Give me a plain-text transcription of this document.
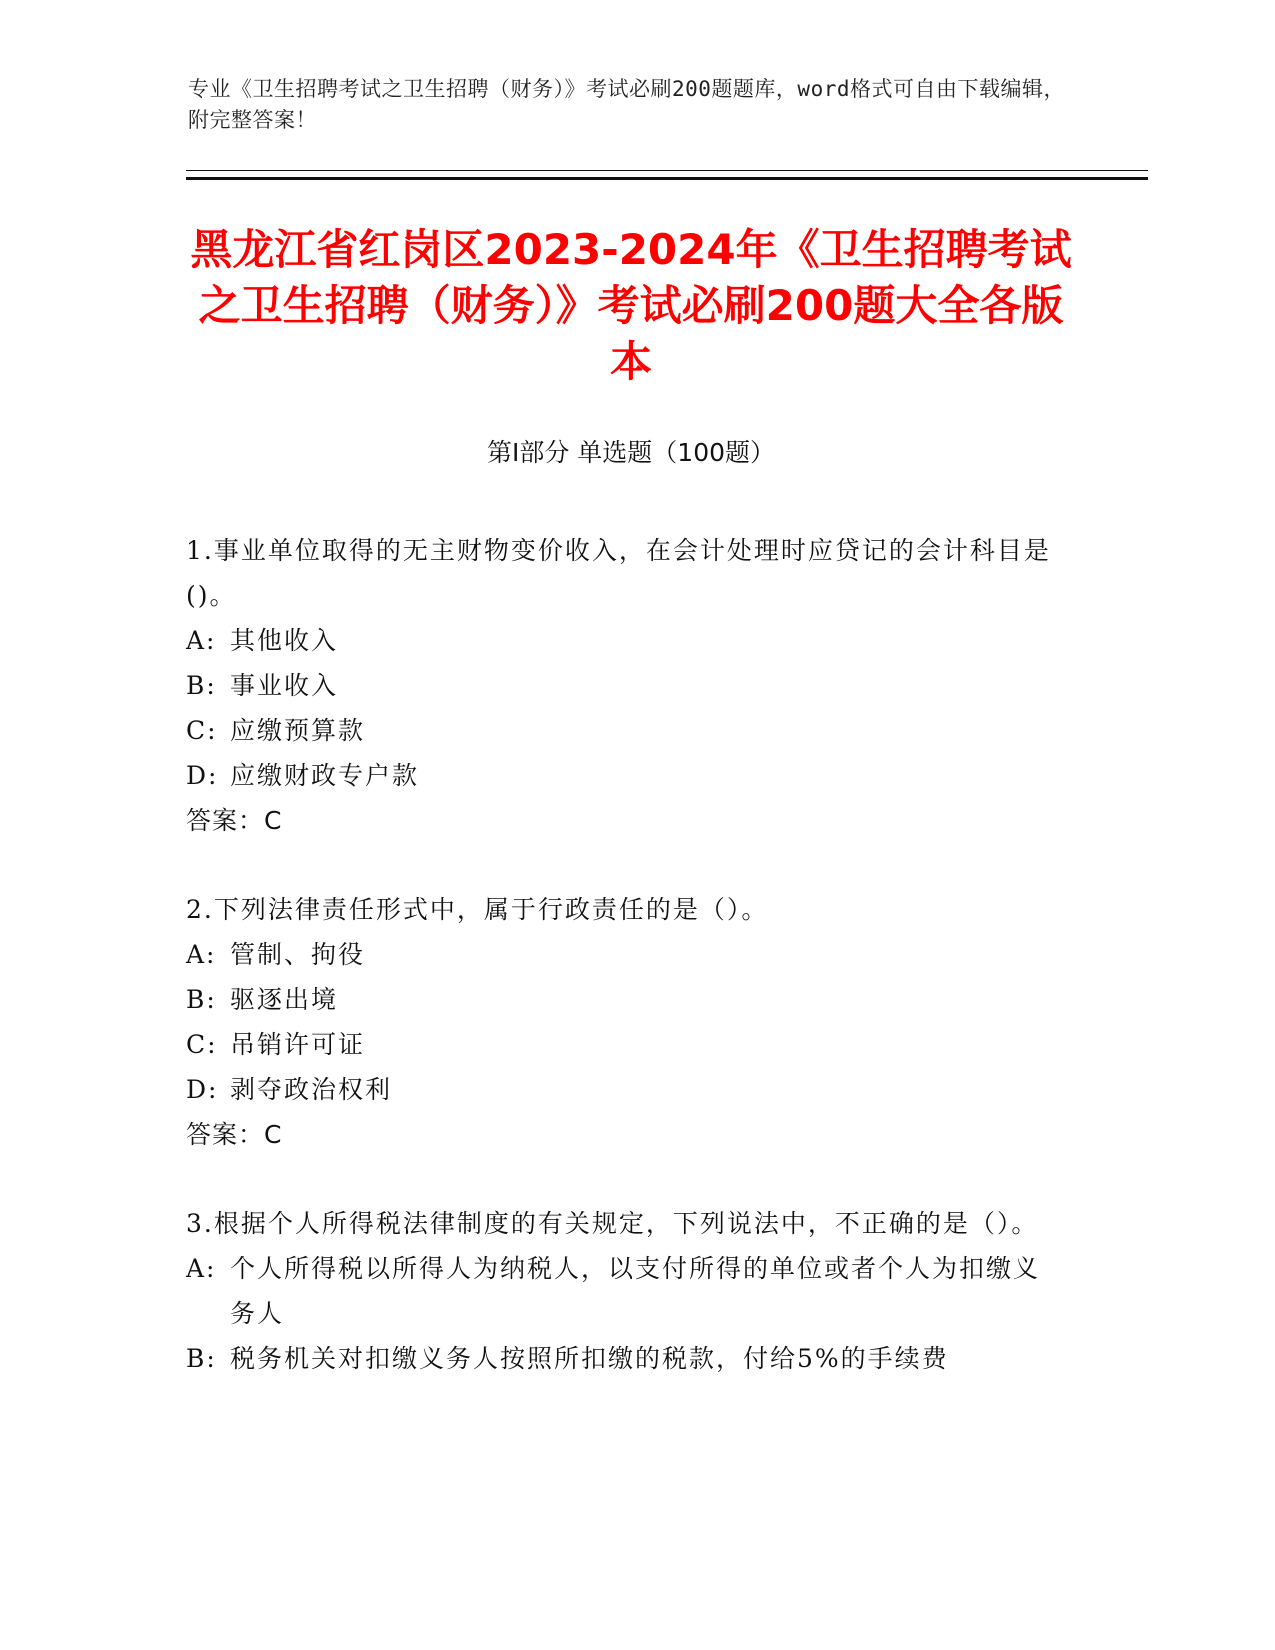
专业《卫生招聘考试之卫生招聘（财务）》考试必刷200题题库，word格式可自由下载编辑，附完整答案！
黑龙江省红岗区2023-2024年《卫生招聘考试之卫生招聘（财务）》考试必刷200题大全各版本
第I部分 单选题（100题）
1.事业单位取得的无主财物变价收入，在会计处理时应贷记的会计科目是()。
A: 其他收入
B: 事业收入
C: 应缴预算款
D: 应缴财政专户款
答案：C
2.下列法律责任形式中，属于行政责任的是（）。
A: 管制、拘役
B: 驱逐出境
C: 吊销许可证
D: 剥夺政治权利
答案：C
3.根据个人所得税法律制度的有关规定，下列说法中，不正确的是（）。
A: 个人所得税以所得人为纳税人，以支付所得的单位或者个人为扣缴义务人
B: 税务机关对扣缴义务人按照所扣缴的税款，付给5%的手续费
